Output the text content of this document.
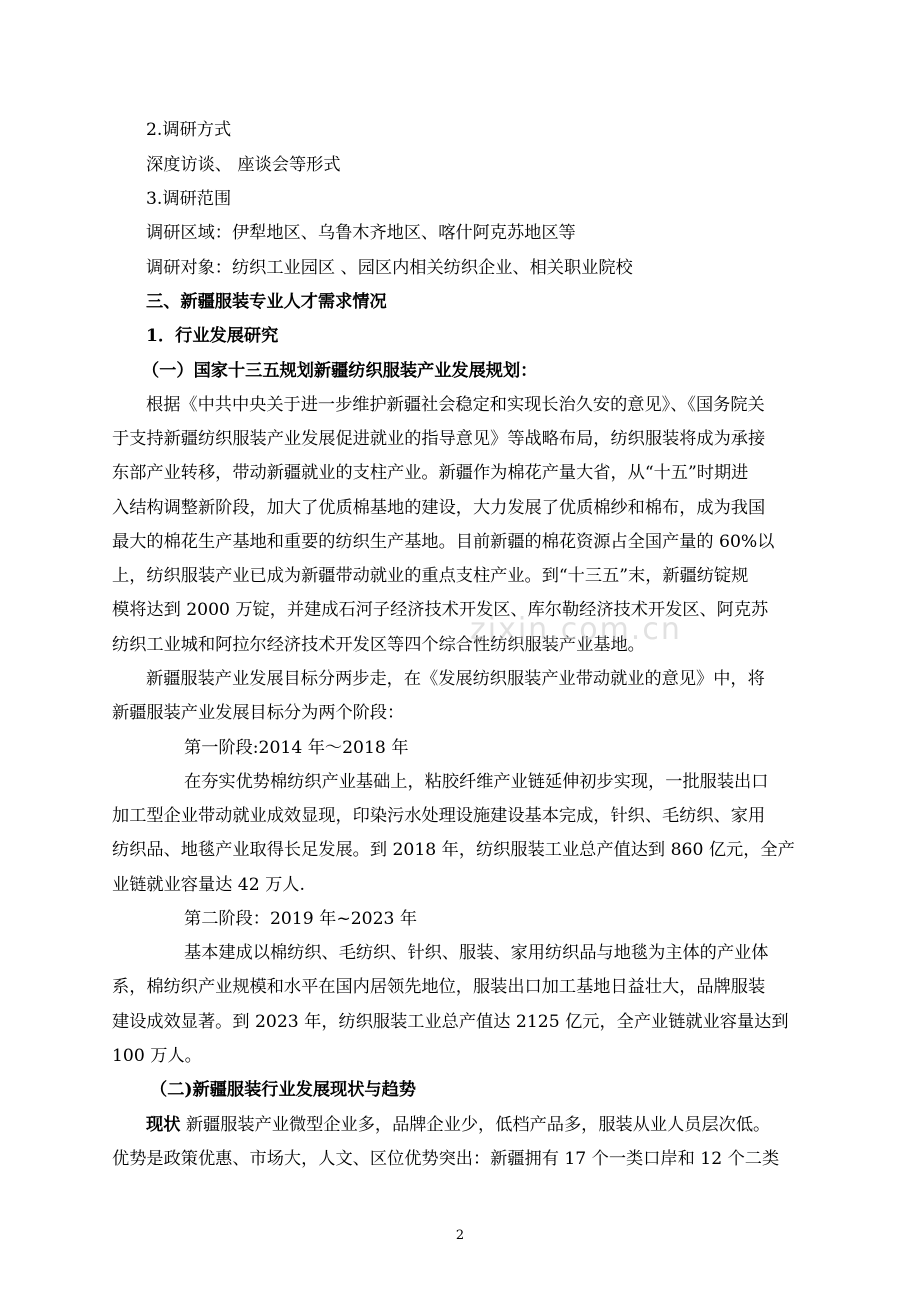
2.调研方式
深度访谈、 座谈会等形式
3.调研范围
调研区域：伊犁地区、乌鲁木齐地区、喀什阿克苏地区等
调研对象：纺织工业园区 、园区内相关纺织企业、相关职业院校
三、新疆服装专业人才需求情况
1．行业发展研究
（一）国家十三五规划新疆纺织服装产业发展规划：
根据《中共中央关于进一步维护新疆社会稳定和实现长治久安的意见》、《国务院关
于支持新疆纺织服装产业发展促进就业的指导意见》等战略布局，纺织服装将成为承接
东部产业转移，带动新疆就业的支柱产业。新疆作为棉花产量大省，从“十五”时期进
入结构调整新阶段，加大了优质棉基地的建设，大力发展了优质棉纱和棉布，成为我国
最大的棉花生产基地和重要的纺织生产基地。目前新疆的棉花资源占全国产量的 60%以
上，纺织服装产业已成为新疆带动就业的重点支柱产业。到“十三五”末，新疆纺锭规
模将达到 2000 万锭，并建成石河子经济技术开发区、库尔勒经济技术开发区、阿克苏
纺织工业城和阿拉尔经济技术开发区等四个综合性纺织服装产业基地。
新疆服装产业发展目标分两步走，在《发展纺织服装产业带动就业的意见》中，将
新疆服装产业发展目标分为两个阶段：
第一阶段:2014 年～2018 年
在夯实优势棉纺织产业基础上，粘胶纤维产业链延伸初步实现，一批服装出口
加工型企业带动就业成效显现，印染污水处理设施建设基本完成，针织、毛纺织、家用
纺织品、地毯产业取得长足发展。到 2018 年，纺织服装工业总产值达到 860 亿元，全产
业链就业容量达 42 万人.
第二阶段：2019 年~2023 年
基本建成以棉纺织、毛纺织、针织、服装、家用纺织品与地毯为主体的产业体
系，棉纺织产业规模和水平在国内居领先地位，服装出口加工基地日益壮大，品牌服装
建设成效显著。到 2023 年，纺织服装工业总产值达 2125 亿元，全产业链就业容量达到
100 万人。
（二)新疆服装行业发展现状与趋势
现状 新疆服装产业微型企业多，品牌企业少，低档产品多，服装从业人员层次低。
优势是政策优惠、市场大，人文、区位优势突出：新疆拥有 17 个一类口岸和 12 个二类
zixin.com.cn
2
